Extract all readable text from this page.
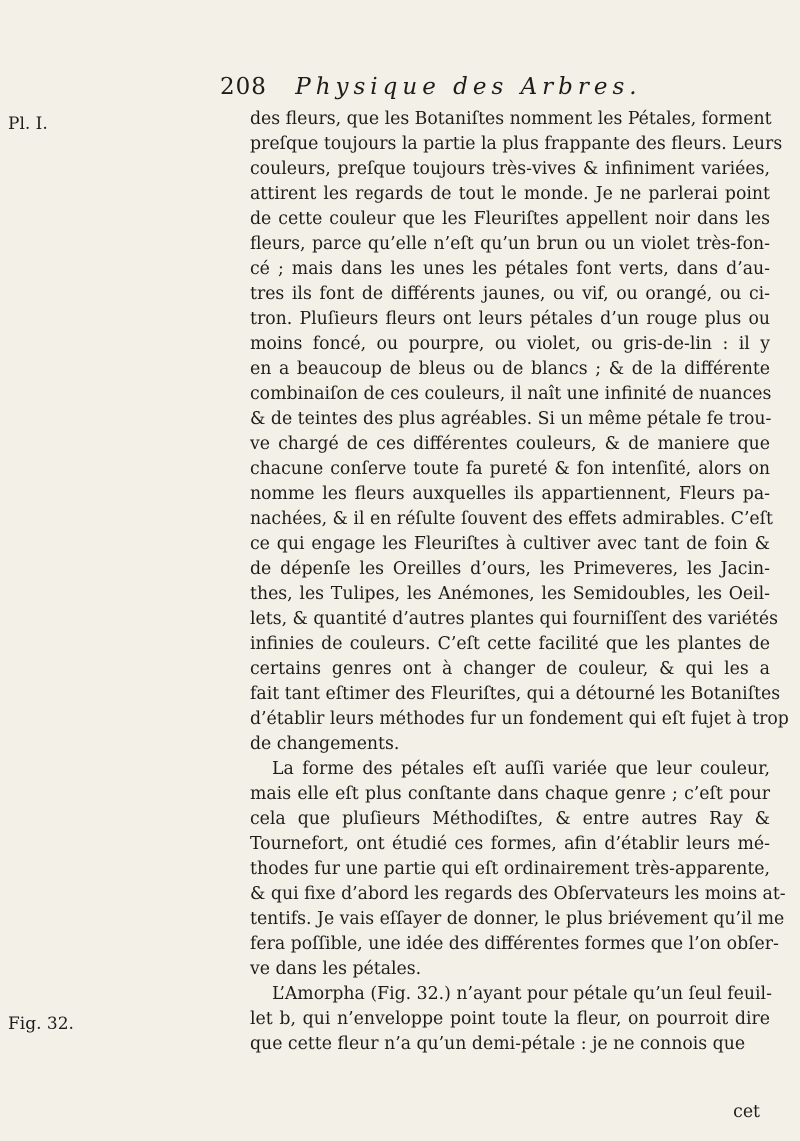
208 Physique des Arbres.
Pl. I.
Fig. 32.
des fleurs, que les Botaniſtes nomment les Pétales, forment
preſque toujours la partie la plus frappante des fleurs. Leurs
couleurs, preſque toujours très-vives & infiniment variées,
attirent les regards de tout le monde. Je ne parlerai point
de cette couleur que les Fleuriſtes appellent noir dans les
fleurs, parce qu’elle n’eſt qu’un brun ou un violet très-fon-
cé ; mais dans les unes les pétales font verts, dans d’au-
tres ils font de différents jaunes, ou vif, ou orangé, ou ci-
tron. Pluſieurs fleurs ont leurs pétales d’un rouge plus ou
moins foncé, ou pourpre, ou violet, ou gris-de-lin : il y
en a beaucoup de bleus ou de blancs ; & de la différente
combinaiſon de ces couleurs, il naît une infinité de nuances
& de teintes des plus agréables. Si un même pétale fe trou-
ve chargé de ces différentes couleurs, & de maniere que
chacune conſerve toute fa pureté & fon intenſité, alors on
nomme les fleurs auxquelles ils appartiennent, Fleurs pa-
nachées, & il en réſulte ſouvent des effets admirables. C’eſt
ce qui engage les Fleuriſtes à cultiver avec tant de foin &
de dépenſe les Oreilles d’ours, les Primeveres, les Jacin-
thes, les Tulipes, les Anémones, les Semidoubles, les Oeil-
lets, & quantité d’autres plantes qui fourniſſent des variétés
infinies de couleurs. C’eſt cette facilité que les plantes de
certains genres ont à changer de couleur, & qui les a
fait tant eſtimer des Fleuriſtes, qui a détourné les Botaniſtes
d’établir leurs méthodes fur un fondement qui eſt fujet à trop
de changements.
La forme des pétales eſt auſſi variée que leur couleur,
mais elle eſt plus conſtante dans chaque genre ; c’eſt pour
cela que pluſieurs Méthodiſtes, & entre autres Ray &
Tournefort, ont étudié ces formes, afin d’établir leurs mé-
thodes fur une partie qui eſt ordinairement très-apparente,
& qui fixe d’abord les regards des Obſervateurs les moins at-
tentifs. Je vais eſſayer de donner, le plus briévement qu’il me
fera poſſible, une idée des différentes formes que l’on obſer-
ve dans les pétales.
L’Amorpha (Fig. 32.) n’ayant pour pétale qu’un ſeul feuil-
let b, qui n’enveloppe point toute la fleur, on pourroit dire
que cette fleur n’a qu’un demi-pétale : je ne connois que
cet
